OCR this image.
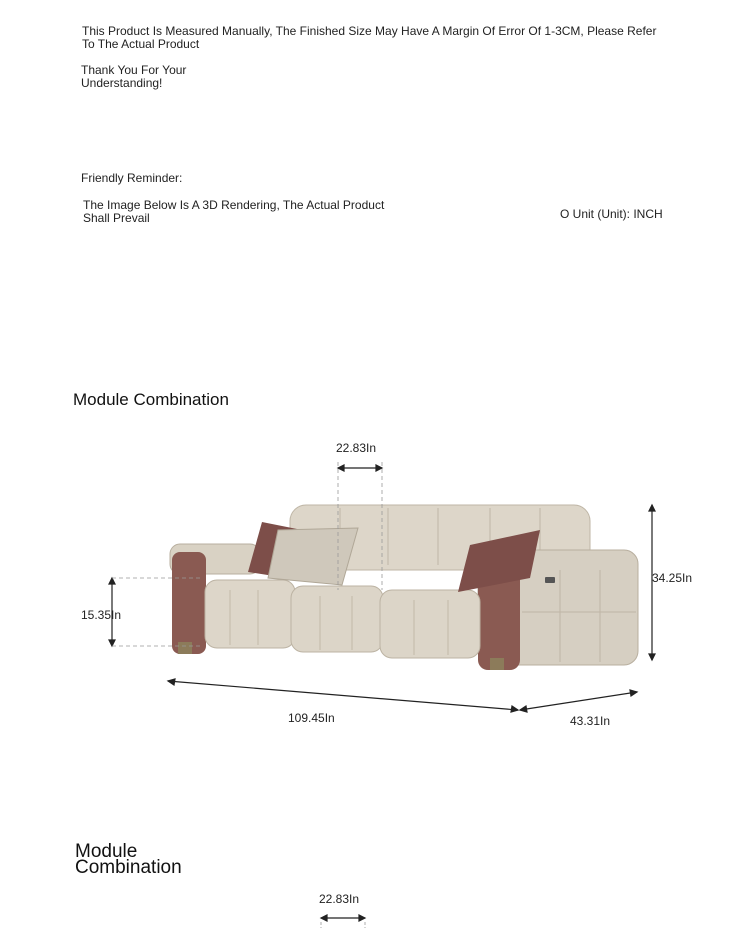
This Product Is Measured Manually, The Finished Size May Have A Margin Of Error Of 1-3CM, Please Refer To The Actual Product
Thank You For Your Understanding!
Friendly Reminder:
The Image Below Is A 3D Rendering, The Actual Product Shall Prevail	O Unit (Unit): INCH
Module Combination
22.83In
15.35In
34.25In
109.45In	43.31In
Module Combination
22.83In
